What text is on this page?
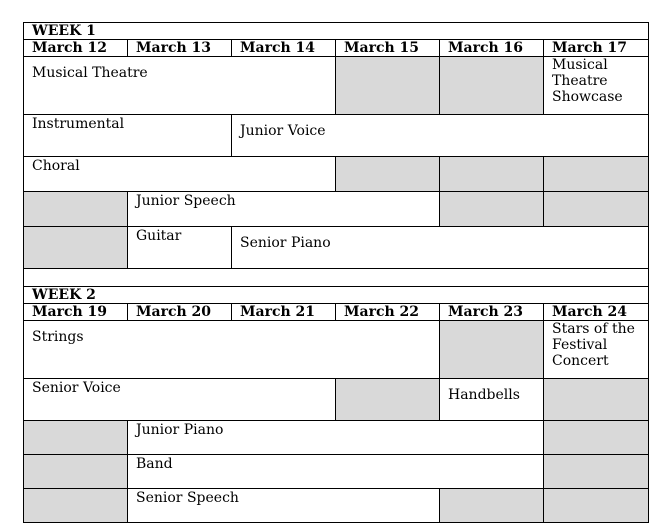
WEEK 1					
March 12	March 13	March 14	March 15	March 16	March 17
Musical Theatre					Musical Theatre Showcase
Instrumental		Junior Voice			
Choral					
	Junior Speech				
	Guitar	Senior Piano			

WEEK 2					
March 19	March 20	March 21	March 22	March 23	March 24
Strings					Stars of the Festival Concert
Senior Voice				Handbells	
	Junior Piano				
	Band				
	Senior Speech				
